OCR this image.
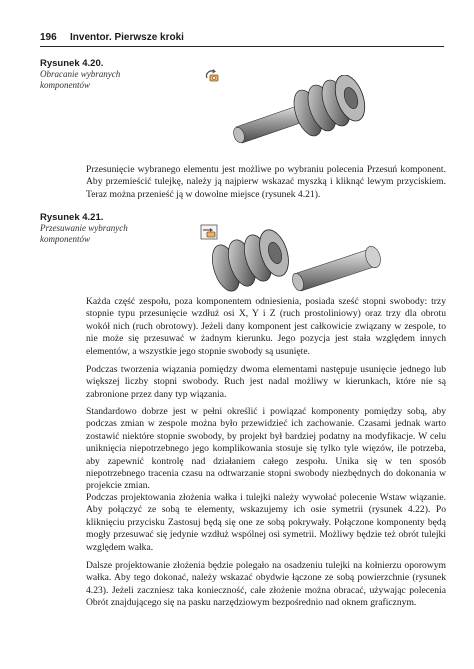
196 Inventor. Pierwsze kroki
Rysunek 4.20.
Obracanie wybranych komponentów

Przesunięcie wybranego elementu jest możliwe po wybraniu polecenia Przesuń komponent. Aby przemieścić tulejkę, należy ją najpierw wskazać myszką i kliknąć lewym przyciskiem. Teraz można przenieść ją w dowolne miejsce (rysunek 4.21).

Rysunek 4.21.
Przesuwanie wybranych komponentów

Każda część zespołu, poza komponentem odniesienia, posiada sześć stopni swobody: trzy stopnie typu przesunięcie wzdłuż osi X, Y i Z (ruch prostoliniowy) oraz trzy dla obrotu wokół nich (ruch obrotowy). Jeżeli dany komponent jest całkowicie związany w zespole, to nie może się przesuwać w żadnym kierunku. Jego pozycja jest stała względem innych elementów, a wszystkie jego stopnie swobody są usunięte.

Podczas tworzenia wiązania pomiędzy dwoma elementami następuje usunięcie jednego lub większej liczby stopni swobody. Ruch jest nadal możliwy w kierunkach, które nie są zabronione przez dany typ wiązania.

Standardowo dobrze jest w pełni określić i powiązać komponenty pomiędzy sobą, aby podczas zmian w zespole można było przewidzieć ich zachowanie. Czasami jednak warto zostawić niektóre stopnie swobody, by projekt był bardziej podatny na modyfikacje. W celu uniknięcia niepotrzebnego jego komplikowania stosuje się tylko tyle więzów, ile potrzeba, aby zapewnić kontrolę nad działaniem całego zespołu. Unika się w ten sposób niepotrzebnego tracenia czasu na odtwarzanie stopni swobody niezbędnych do dokonania w projekcie zmian.

Podczas projektowania złożenia wałka i tulejki należy wywołać polecenie Wstaw wiązanie. Aby połączyć ze sobą te elementy, wskazujemy ich osie symetrii (rysunek 4.22). Po kliknięciu przycisku Zastosuj będą się one ze sobą pokrywały. Połączone komponenty będą mogły przesuwać się jedynie wzdłuż wspólnej osi symetrii. Możliwy będzie też obrót tulejki względem wałka.

Dalsze projektowanie złożenia będzie polegało na osadzeniu tulejki na kołnierzu oporowym wałka. Aby tego dokonać, należy wskazać obydwie łączone ze sobą powierzchnie (rysunek 4.23). Jeżeli zaczniesz taka konieczność, całe złożenie można obracać, używając polecenia Obrót znajdującego się na pasku narzędziowym bezpośrednio nad oknem graficznym.
